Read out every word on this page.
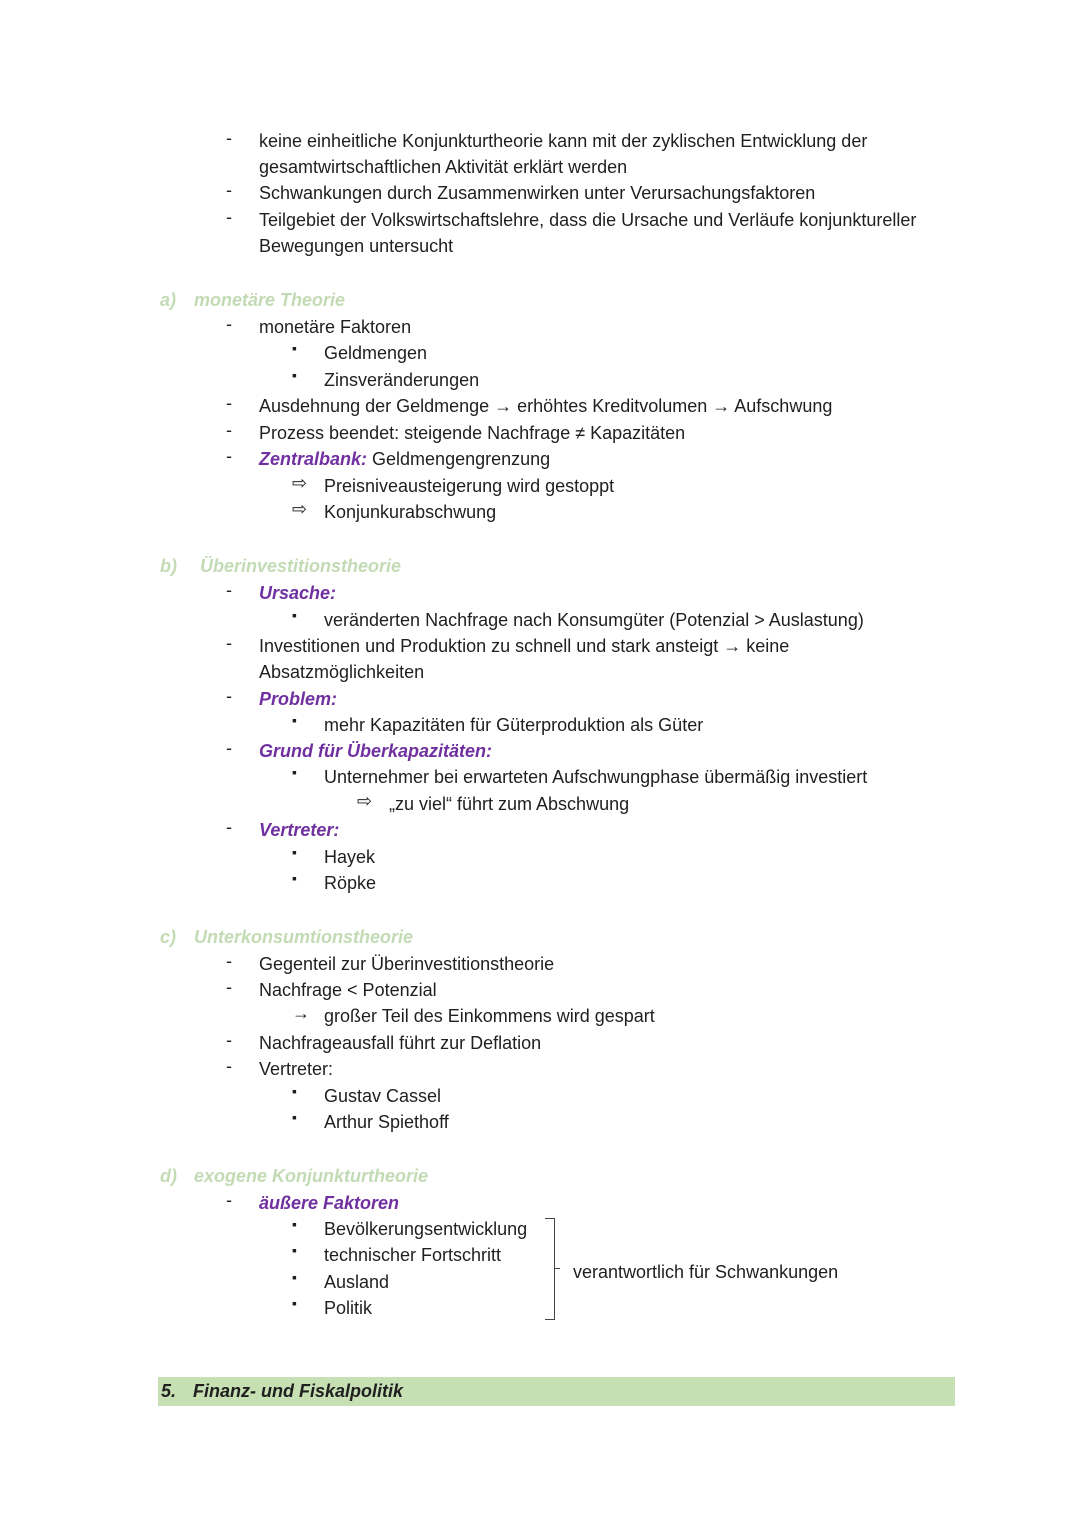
- keine einheitliche Konjunkturtheorie kann mit der zyklischen Entwicklung der
gesamtwirtschaftlichen Aktivität erklärt werden
- Schwankungen durch Zusammenwirken unter Verursachungsfaktoren
- Teilgebiet der Volkswirtschaftslehre, dass die Ursache und Verläufe konjunktureller
Bewegungen untersucht
a) monetäre Theorie
- monetäre Faktoren
▪ Geldmengen
▪ Zinsveränderungen
- Ausdehnung der Geldmenge → erhöhtes Kreditvolumen → Aufschwung
- Prozess beendet: steigende Nachfrage ≠ Kapazitäten
- Zentralbank: Geldmengengrenzung
⇨ Preisniveausteigerung wird gestoppt
⇨ Konjunkurabschwung
b) Überinvestitionstheorie
- Ursache:
▪ veränderten Nachfrage nach Konsumgüter (Potenzial > Auslastung)
- Investitionen und Produktion zu schnell und stark ansteigt → keine
Absatzmöglichkeiten
- Problem:
▪ mehr Kapazitäten für Güterproduktion als Güter
- Grund für Überkapazitäten:
▪ Unternehmer bei erwarteten Aufschwungphase übermäßig investiert
⇨ „zu viel“ führt zum Abschwung
- Vertreter:
▪ Hayek
▪ Röpke
c) Unterkonsumtionstheorie
- Gegenteil zur Überinvestitionstheorie
- Nachfrage < Potenzial
→ großer Teil des Einkommens wird gespart
- Nachfrageausfall führt zur Deflation
- Vertreter:
▪ Gustav Cassel
▪ Arthur Spiethoff
d) exogene Konjunkturtheorie
- äußere Faktoren
▪ Bevölkerungsentwicklung
▪ technischer Fortschritt
▪ Ausland
▪ Politik
verantwortlich für Schwankungen
5. Finanz- und Fiskalpolitik
